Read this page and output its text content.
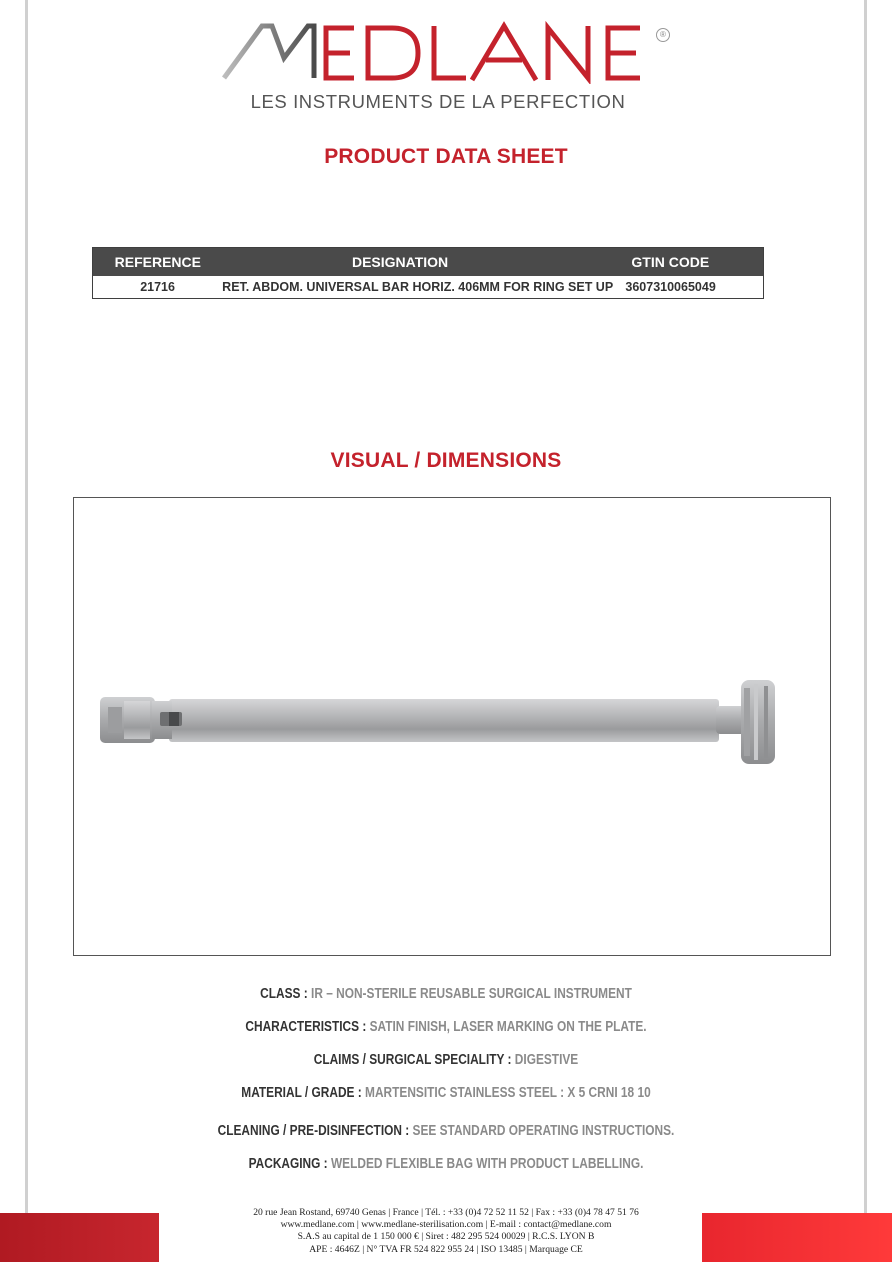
®
LES INSTRUMENTS DE LA PERFECTION
PRODUCT DATA SHEET
REFERENCE	DESIGNATION	GTIN CODE
21716	RET. ABDOM. UNIVERSAL BAR HORIZ. 406MM FOR RING SET UP 3607310065049
VISUAL / DIMENSIONS
CLASS : IR – NON-STERILE REUSABLE SURGICAL INSTRUMENT
CHARACTERISTICS : SATIN FINISH, LASER MARKING ON THE PLATE.
CLAIMS / SURGICAL SPECIALITY : DIGESTIVE
MATERIAL / GRADE : MARTENSITIC STAINLESS STEEL : X 5 CRNI 18 10
CLEANING / PRE-DISINFECTION : SEE STANDARD OPERATING INSTRUCTIONS.
PACKAGING : WELDED FLEXIBLE BAG WITH PRODUCT LABELLING.
20 rue Jean Rostand, 69740 Genas | France | Tél. : +33 (0)4 72 52 11 52 | Fax : +33 (0)4 78 47 51 76
www.medlane.com | www.medlane-sterilisation.com | E-mail : contact@medlane.com
S.A.S au capital de 1 150 000 € | Siret : 482 295 524 00029 | R.C.S. LYON B
APE : 4646Z | N° TVA FR 524 822 955 24 | ISO 13485 | Marquage CE
